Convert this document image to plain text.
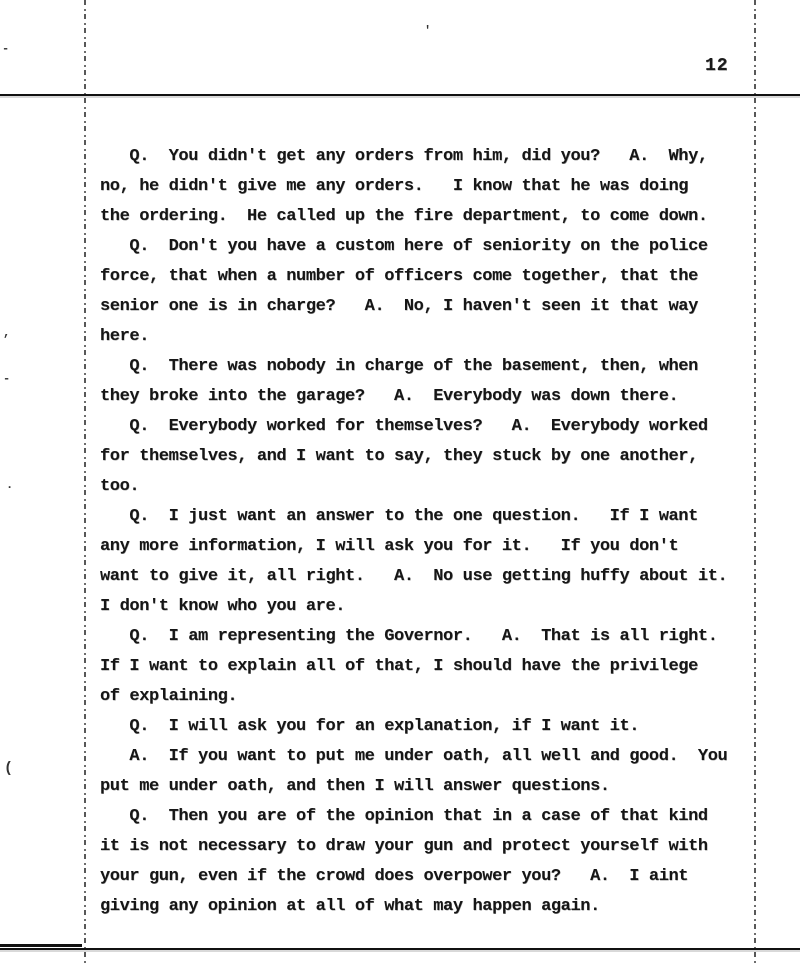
12
Q.  You didn't get any orders from him, did you?   A.  Why,
no, he didn't give me any orders.   I know that he was doing
the ordering.  He called up the fire department, to come down.
Q.  Don't you have a custom here of seniority on the police
force, that when a number of officers come together, that the
senior one is in charge?   A.  No, I haven't seen it that way
here.
Q.  There was nobody in charge of the basement, then, when
they broke into the garage?   A.  Everybody was down there.
Q.  Everybody worked for themselves?   A.  Everybody worked
for themselves, and I want to say, they stuck by one another,
too.
Q.  I just want an answer to the one question.   If I want
any more information, I will ask you for it.   If you don't
want to give it, all right.   A.  No use getting huffy about it.
I don't know who you are.
Q.  I am representing the Governor.   A.  That is all right.
If I want to explain all of that, I should have the privilege
of explaining.
Q.  I will ask you for an explanation, if I want it.
A.  If you want to put me under oath, all well and good.  You
put me under oath, and then I will answer questions.
Q.  Then you are of the opinion that in a case of that kind
it is not necessary to draw your gun and protect yourself with
your gun, even if the crowd does overpower you?   A.  I aint
giving any opinion at all of what may happen again.
-
'
,
-
.
(
